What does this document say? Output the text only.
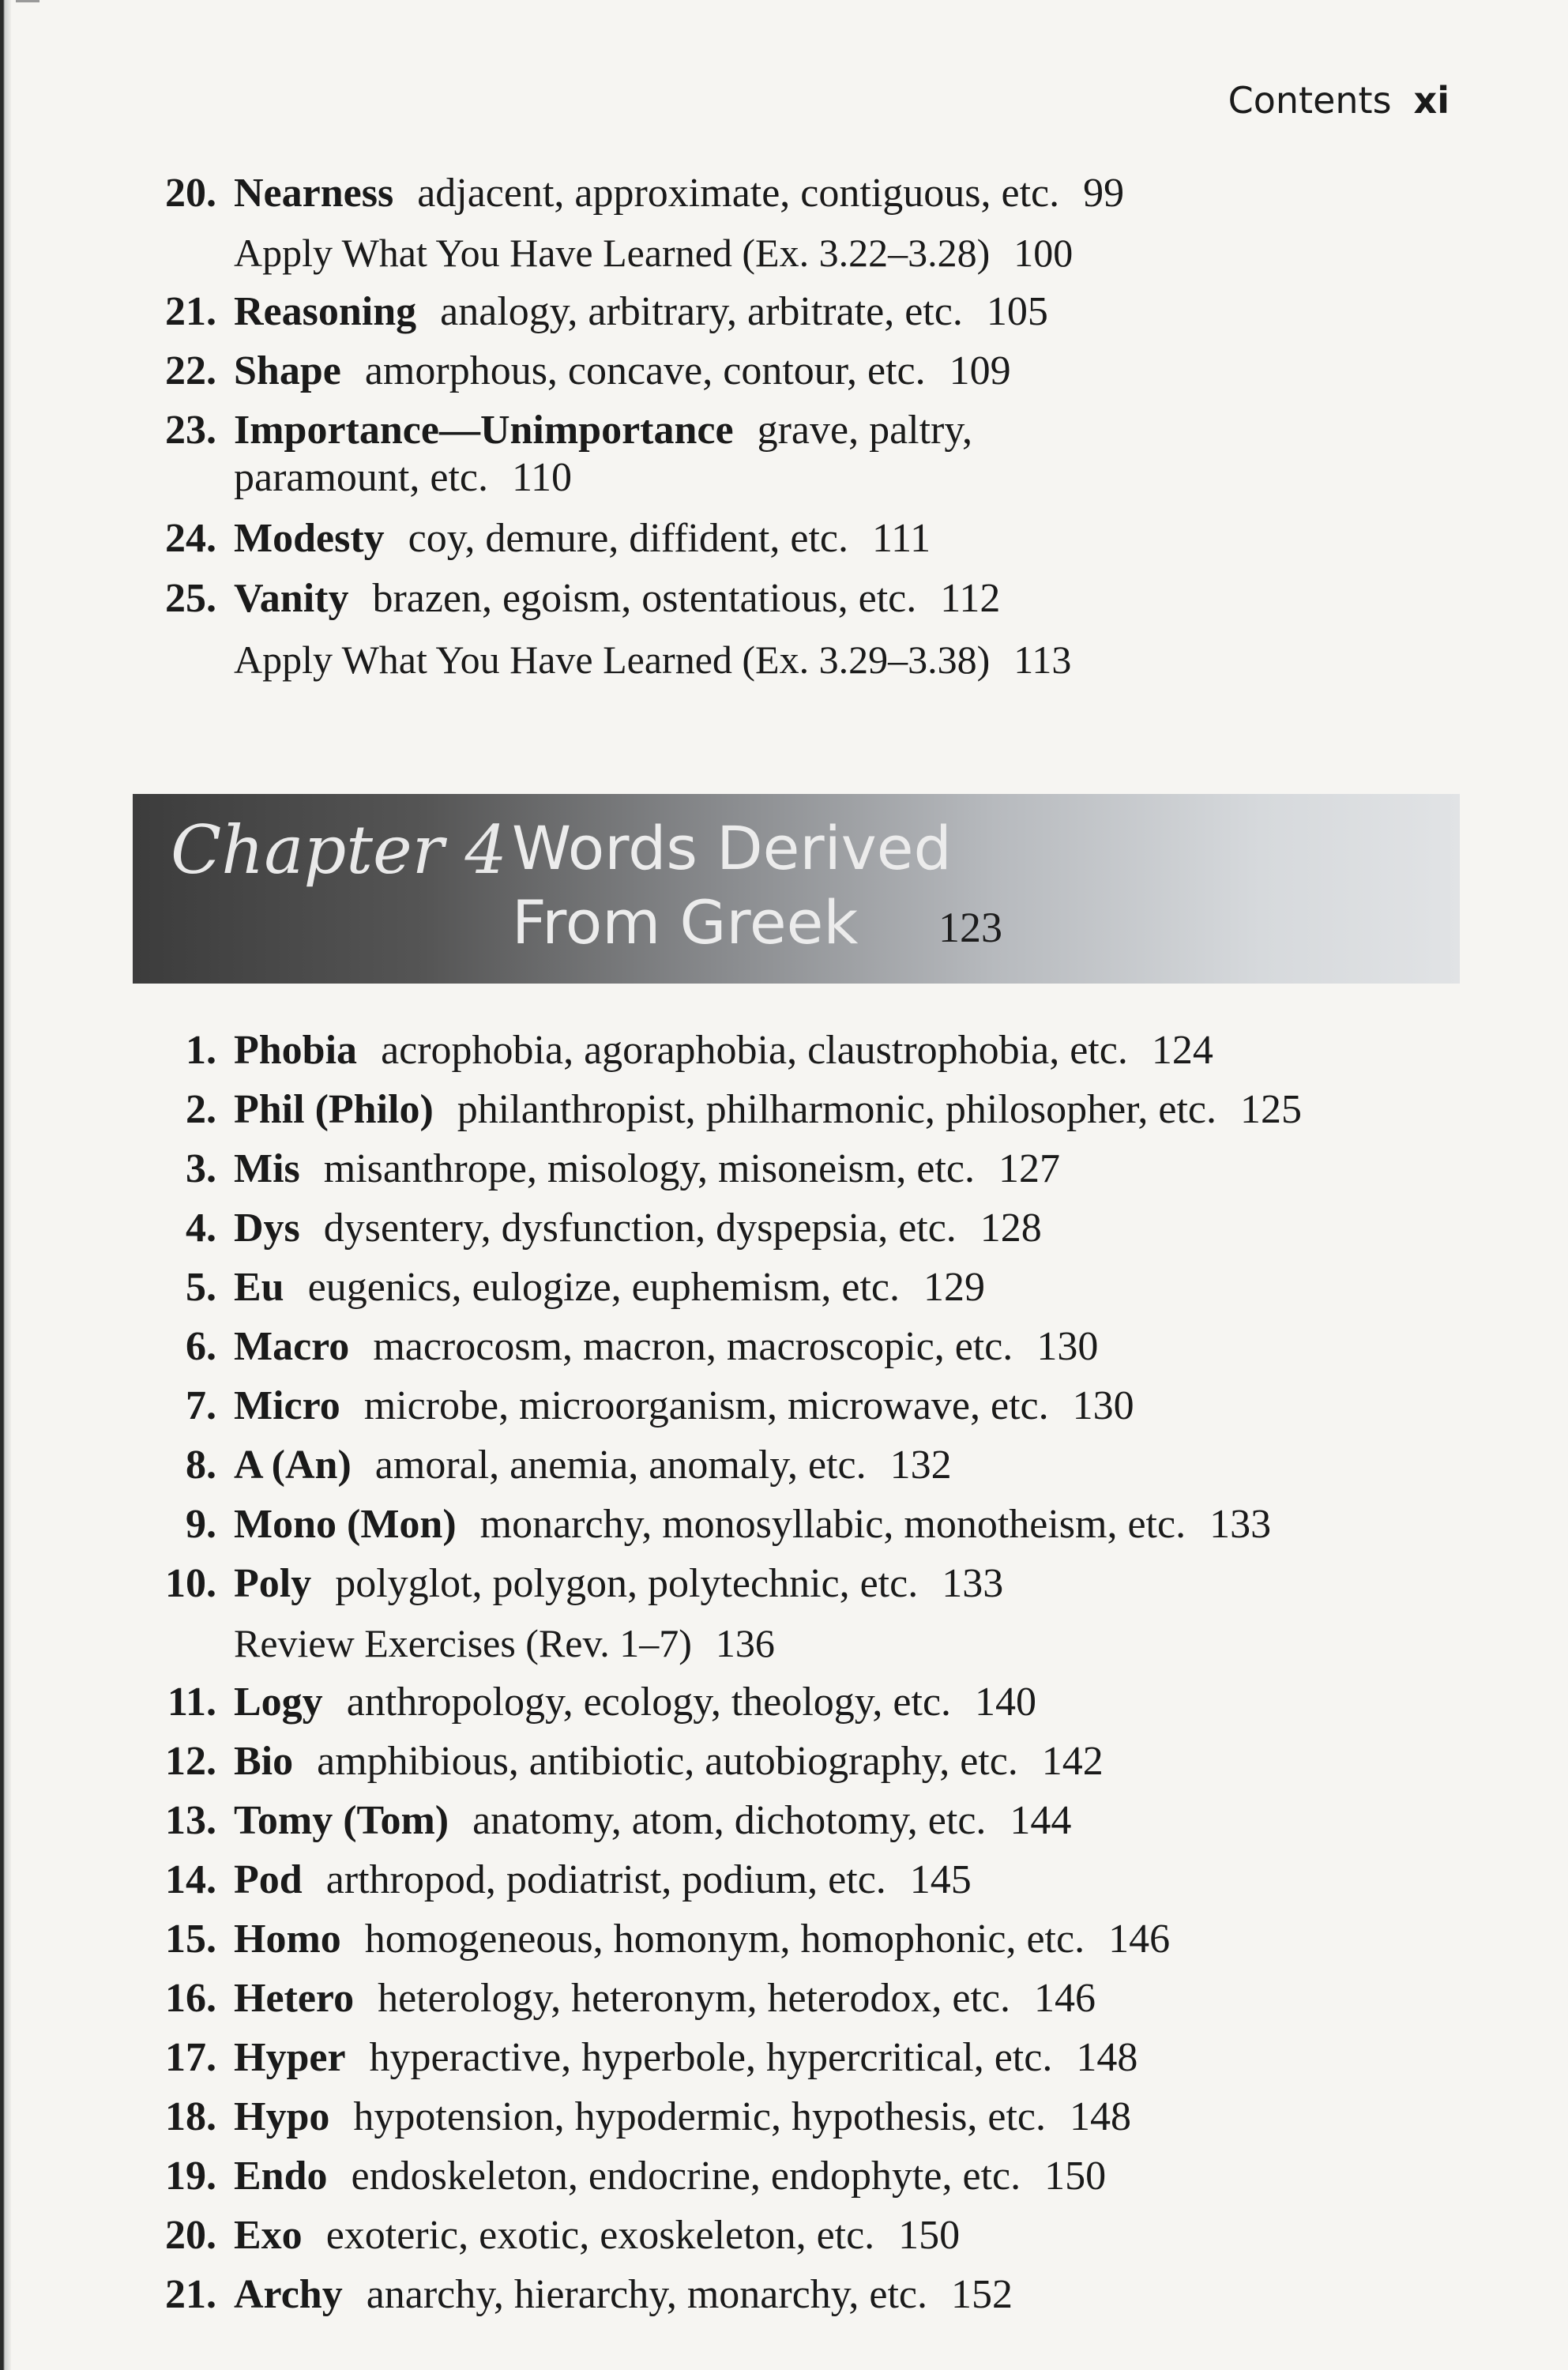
Contents xi
20. Nearness adjacent, approximate, contiguous, etc. 99
Apply What You Have Learned (Ex. 3.22–3.28) 100
21. Reasoning analogy, arbitrary, arbitrate, etc. 105
22. Shape amorphous, concave, contour, etc. 109
23. Importance—Unimportance grave, paltry,
paramount, etc. 110
24. Modesty coy, demure, diffident, etc. 111
25. Vanity brazen, egoism, ostentatious, etc. 112
Apply What You Have Learned (Ex. 3.29–3.38) 113
Chapter 4 Words Derived
From Greek 123
1. Phobia acrophobia, agoraphobia, claustrophobia, etc. 124
2. Phil (Philo) philanthropist, philharmonic, philosopher, etc. 125
3. Mis misanthrope, misology, misoneism, etc. 127
4. Dys dysentery, dysfunction, dyspepsia, etc. 128
5. Eu eugenics, eulogize, euphemism, etc. 129
6. Macro macrocosm, macron, macroscopic, etc. 130
7. Micro microbe, microorganism, microwave, etc. 130
8. A (An) amoral, anemia, anomaly, etc. 132
9. Mono (Mon) monarchy, monosyllabic, monotheism, etc. 133
10. Poly polyglot, polygon, polytechnic, etc. 133
Review Exercises (Rev. 1–7) 136
11. Logy anthropology, ecology, theology, etc. 140
12. Bio amphibious, antibiotic, autobiography, etc. 142
13. Tomy (Tom) anatomy, atom, dichotomy, etc. 144
14. Pod arthropod, podiatrist, podium, etc. 145
15. Homo homogeneous, homonym, homophonic, etc. 146
16. Hetero heterology, heteronym, heterodox, etc. 146
17. Hyper hyperactive, hyperbole, hypercritical, etc. 148
18. Hypo hypotension, hypodermic, hypothesis, etc. 148
19. Endo endoskeleton, endocrine, endophyte, etc. 150
20. Exo exoteric, exotic, exoskeleton, etc. 150
21. Archy anarchy, hierarchy, monarchy, etc. 152
